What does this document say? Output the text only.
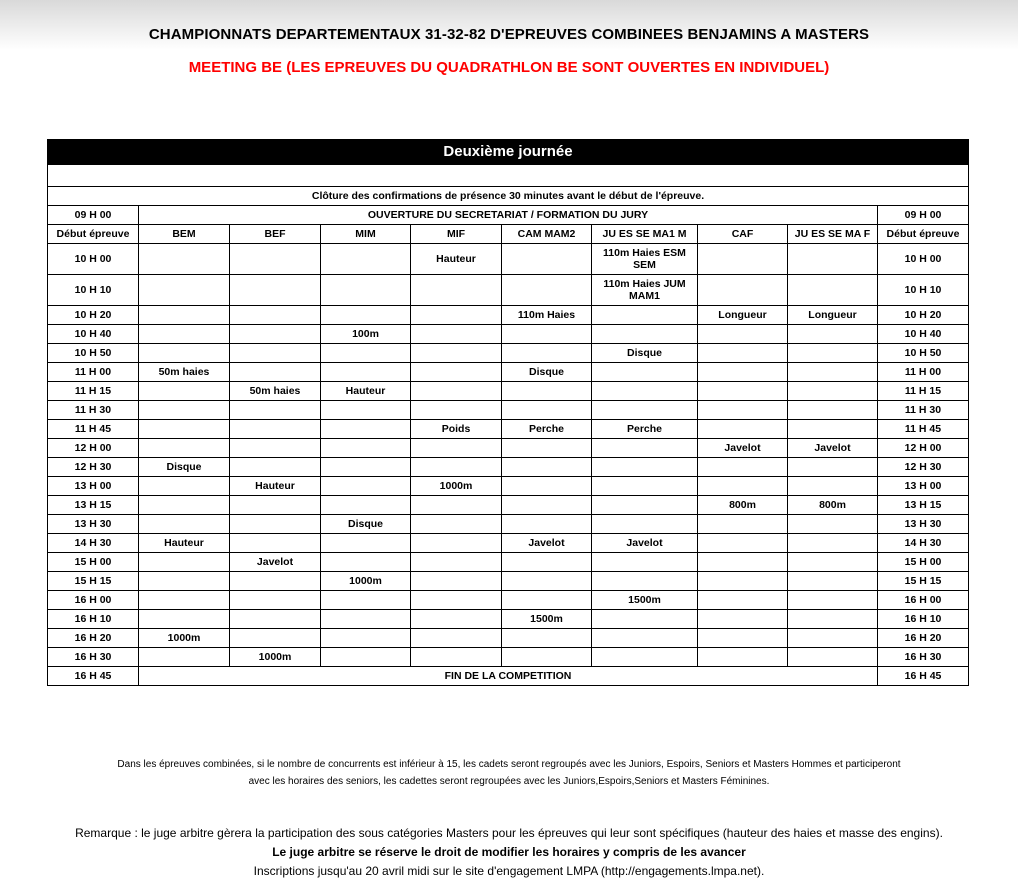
CHAMPIONNATS DEPARTEMENTAUX 31-32-82 D'EPREUVES COMBINEES BENJAMINS A MASTERS
MEETING BE (LES EPREUVES DU QUADRATHLON BE SONT OUVERTES EN INDIVIDUEL)
Deuxième journée									

Clôture des confirmations de présence 30 minutes avant le début de l'épreuve.									
09 H 00	OUVERTURE DU SECRETARIAT / FORMATION DU JURY								09 H 00
Début épreuve	BEM	BEF	MIM	MIF	CAM MAM2	JU ES SE MA1 M	CAF	JU ES SE MA F	Début épreuve
10 H 00				Hauteur		110m Haies ESM SEM			10 H 00
10 H 10						110m Haies JUM MAM1			10 H 10
10 H 20					110m Haies		Longueur	Longueur	10 H 20
10 H 40			100m						10 H 40
10 H 50						Disque			10 H 50
11 H 00	50m haies				Disque				11 H 00
11 H 15		50m haies	Hauteur						11 H 15
11 H 30									11 H 30
11 H 45				Poids	Perche	Perche			11 H 45
12 H 00							Javelot	Javelot	12 H 00
12 H 30	Disque								12 H 30
13 H 00		Hauteur		1000m					13 H 00
13 H 15							800m	800m	13 H 15
13 H 30			Disque						13 H 30
14 H 30	Hauteur				Javelot	Javelot			14 H 30
15 H 00		Javelot							15 H 00
15 H 15			1000m						15 H 15
16 H 00						1500m			16 H 00
16 H 10					1500m				16 H 10
16 H 20	1000m								16 H 20
16 H 30		1000m							16 H 30
16 H 45	FIN DE LA COMPETITION								16 H 45
Dans les épreuves combinées, si le nombre de concurrents est inférieur à 15, les cadets seront regroupés avec les Juniors, Espoirs, Seniors et Masters Hommes et participeront
avec les horaires des seniors, les cadettes seront regroupées avec les Juniors,Espoirs,Seniors et Masters Féminines.
Remarque : le juge arbitre gèrera la participation des sous catégories Masters pour les épreuves qui leur sont spécifiques (hauteur des haies et masse des engins).
Le juge arbitre se réserve le droit de modifier les horaires y compris de les avancer
Inscriptions jusqu'au 20 avril midi sur le site d'engagement LMPA (http://engagements.lmpa.net).
